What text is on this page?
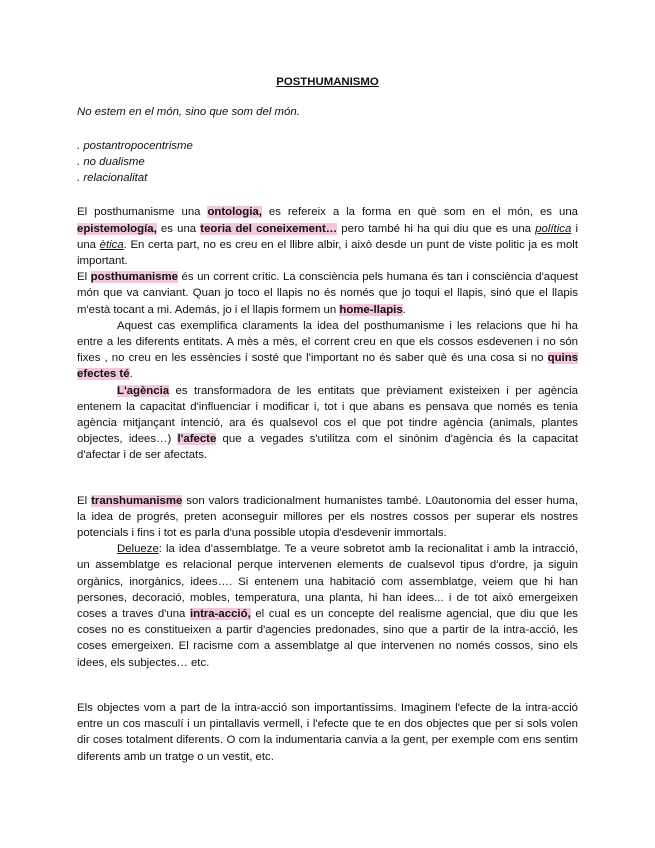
POSTHUMANISMO
No estem en el món, sino que som del món.
. postantropocentrisme
. no dualisme
. relacionalitat

El posthumanisme una ontologia, es refereix a la forma en què som en el món, es una epistemología, es una teoria del coneixement… pero també hi ha qui diu que es una política i una ètica. En certa part, no es creu en el llibre albir, i això desde un punt de viste politic ja es molt important.

El posthumanisme és un corrent crític. La consciència pels humana és tan i consciència d'aquest món que va canviant. Quan jo toco el llapis no és només que jo toqui el llapis, sinó que el llapis m'està tocant a mi. Además, jo i el llapis formem un home-llapis.

Aquest cas exemplifica claraments la idea del posthumanisme i les relacions que hi ha entre a les diferents entitats. A mès a mès, el corrent creu en que els cossos esdevenen i no són fixes , no creu en les essències i sosté que l'important no és saber què és una cosa si no quins efectes té.

L'agència es transformadora de les entitats que prèviament existeixen i per agència entenem la capacitat d'influenciar i modificar i, tot i que abans es pensava que només es tenia agència mitjançant intenció, ara és qualsevol cos el que pot tindre agència (animals, plantes objectes, idees…) l'afecte que a vegades s'utilitza com el sinònim d'agència és la capacitat d'afectar i de ser afectats.

El transhumanisme son valors tradicionalment humanistes també. L0autonomia del esser huma, la idea de progrés, preten aconseguir millores per els nostres cossos per superar els nostres potencials i fins i tot es parla d'una possible utopia d'esdevenir immortals.

Delueze: la idea d'assemblatge. Te a veure sobretot amb la recionalitat i amb la intracció, un assemblatge es relacional perque intervenen elements de cualsevol tipus d'ordre, ja siguin orgànics, inorgànics, idees…. Si entenem una habitació com assemblatge, veiem que hi han persones, decoració, mobles, temperatura, una planta, hi han idees... i de tot això emergeixen coses a traves d'una intra-acció, el cual es un concepte del realisme agencial, que diu que les coses no es constitueixen a partir d'agencies predonades, sino que a partir de la intra-acció, les coses emergeixen. El racisme com a assemblatge al que intervenen no només cossos, sino els idees, els subjectes… etc.

Els objectes vom a part de la intra-acció son importantissims. Imaginem l'efecte de la intra-acció entre un cos masculí i un pintallavis vermell, i l'efecte que te en dos objectes que per si sols volen dir coses totalment diferents. O com la indumentaria canvia a la gent, per exemple com ens sentim diferents amb un tratge o un vestit, etc.
